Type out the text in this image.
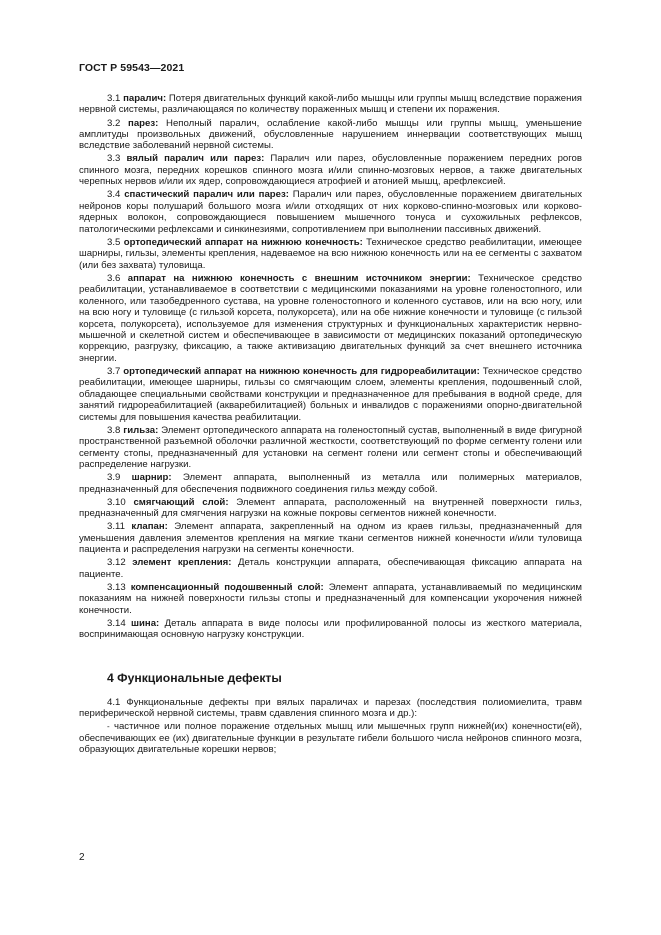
ГОСТ Р 59543—2021
3.1 паралич: Потеря двигательных функций какой-либо мышцы или группы мышц вследствие поражения нервной системы, различающаяся по количеству пораженных мышц и степени их поражения.
3.2 парез: Неполный паралич, ослабление какой-либо мышцы или группы мышц, уменьшение амплитуды произвольных движений, обусловленные нарушением иннервации соответствующих мышц вследствие заболеваний нервной системы.
3.3 вялый паралич или парез: Паралич или парез, обусловленные поражением передних рогов спинного мозга, передних корешков спинного мозга и/или спинно-мозговых нервов, а также двигательных черепных нервов и/или их ядер, сопровождающиеся атрофией и атонией мышц, арефлексией.
3.4 спастический паралич или парез: Паралич или парез, обусловленные поражением двигательных нейронов коры полушарий большого мозга и/или отходящих от них корково-спинно-мозговых или корково-ядерных волокон, сопровождающиеся повышением мышечного тонуса и сухожильных рефлексов, патологическими рефлексами и синкинезиями, сопротивлением при выполнении пассивных движений.
3.5 ортопедический аппарат на нижнюю конечность: Техническое средство реабилитации, имеющее шарниры, гильзы, элементы крепления, надеваемое на всю нижнюю конечность или на ее сегменты с захватом (или без захвата) туловища.
3.6 аппарат на нижнюю конечность с внешним источником энергии: Техническое средство реабилитации, устанавливаемое в соответствии с медицинскими показаниями на уровне голеностопного, или коленного, или тазобедренного сустава, на уровне голеностопного и коленного суставов, или на всю ногу, или на всю ногу и туловище (с гильзой корсета, полукорсета), или на обе нижние конечности и туловище (с гильзой корсета, полукорсета), используемое для изменения структурных и функциональных характеристик нервно-мышечной и скелетной систем и обеспечивающее в зависимости от медицинских показаний ортопедическую коррекцию, разгрузку, фиксацию, а также активизацию двигательных функций за счет внешнего источника энергии.
3.7 ортопедический аппарат на нижнюю конечность для гидрореабилитации: Техническое средство реабилитации, имеющее шарниры, гильзы со смягчающим слоем, элементы крепления, подошвенный слой, обладающее специальными свойствами конструкции и предназначенное для пребывания в водной среде, для занятий гидрореабилитацией (акваребилитацией) больных и инвалидов с поражениями опорно-двигательной системы для повышения качества реабилитации.
3.8 гильза: Элемент ортопедического аппарата на голеностопный сустав, выполненный в виде фигурной пространственной разъемной оболочки различной жесткости, соответствующий по форме сегменту голени или сегменту стопы, предназначенный для установки на сегмент голени или сегмент стопы и обеспечивающий распределение нагрузки.
3.9 шарнир: Элемент аппарата, выполненный из металла или полимерных материалов, предназначенный для обеспечения подвижного соединения гильз между собой.
3.10 смягчающий слой: Элемент аппарата, расположенный на внутренней поверхности гильз, предназначенный для смягчения нагрузки на кожные покровы сегментов нижней конечности.
3.11 клапан: Элемент аппарата, закрепленный на одном из краев гильзы, предназначенный для уменьшения давления элементов крепления на мягкие ткани сегментов нижней конечности и/или туловища пациента и распределения нагрузки на сегменты конечности.
3.12 элемент крепления: Деталь конструкции аппарата, обеспечивающая фиксацию аппарата на пациенте.
3.13 компенсационный подошвенный слой: Элемент аппарата, устанавливаемый по медицинским показаниям на нижней поверхности гильзы стопы и предназначенный для компенсации укорочения нижней конечности.
3.14 шина: Деталь аппарата в виде полосы или профилированной полосы из жесткого материала, воспринимающая основную нагрузку конструкции.
4 Функциональные дефекты
4.1 Функциональные дефекты при вялых параличах и парезах (последствия полиомиелита, травм периферической нервной системы, травм сдавления спинного мозга и др.):
- частичное или полное поражение отдельных мышц или мышечных групп нижней(их) конечности(ей), обеспечивающих ее (их) двигательные функции в результате гибели большого числа нейронов спинного мозга, образующих двигательные корешки нервов;
2
